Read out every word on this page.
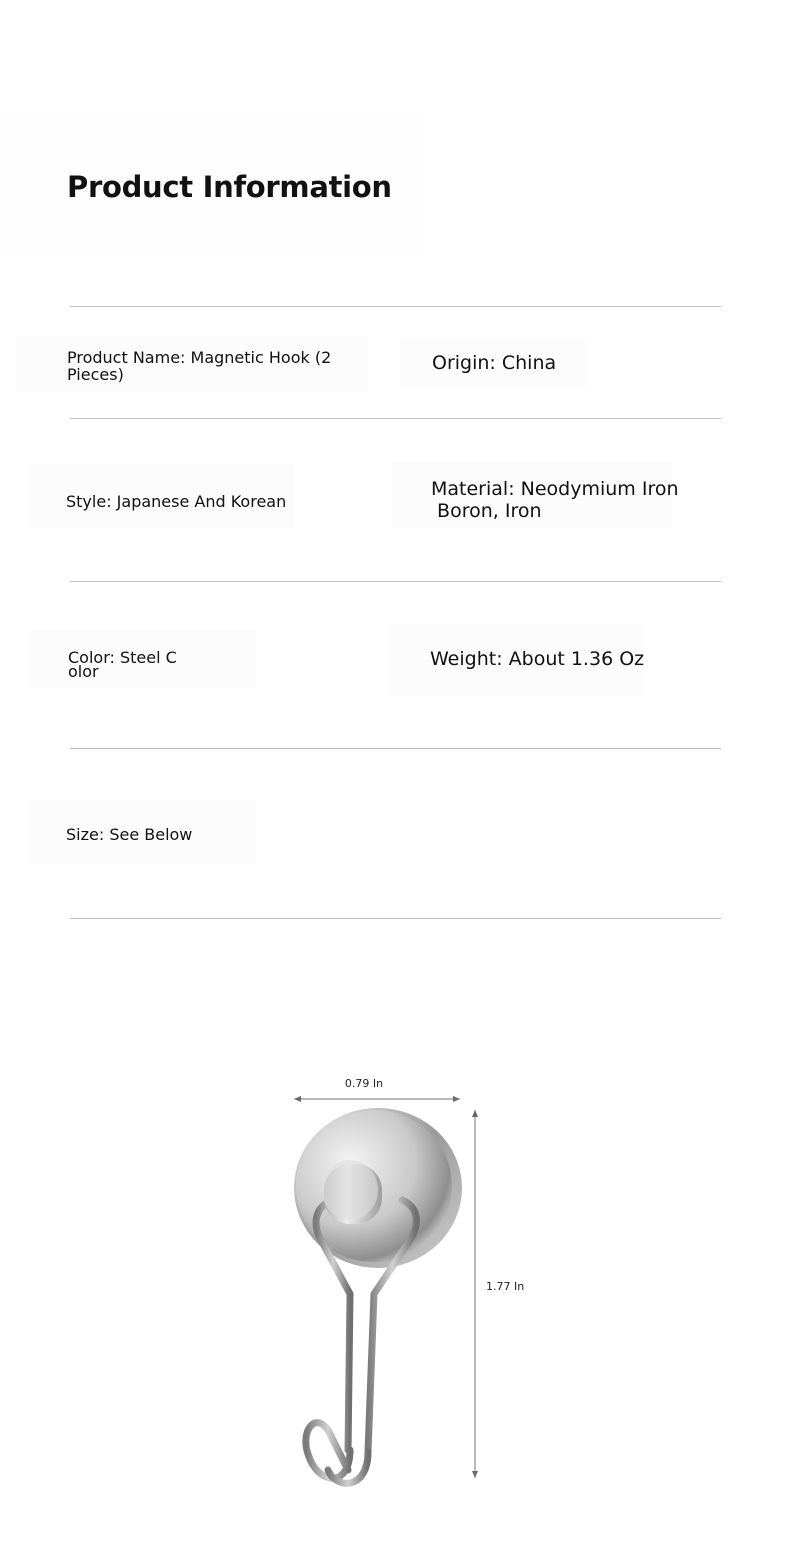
Product Information
Product Name: Magnetic Hook (2
Pieces)
Origin: China
Style: Japanese And Korean
Material: Neodymium Iron
Boron, Iron
Color: Steel C
olor
Weight: About 1.36 Oz
Size: See Below
0.79 In
1.77 In
